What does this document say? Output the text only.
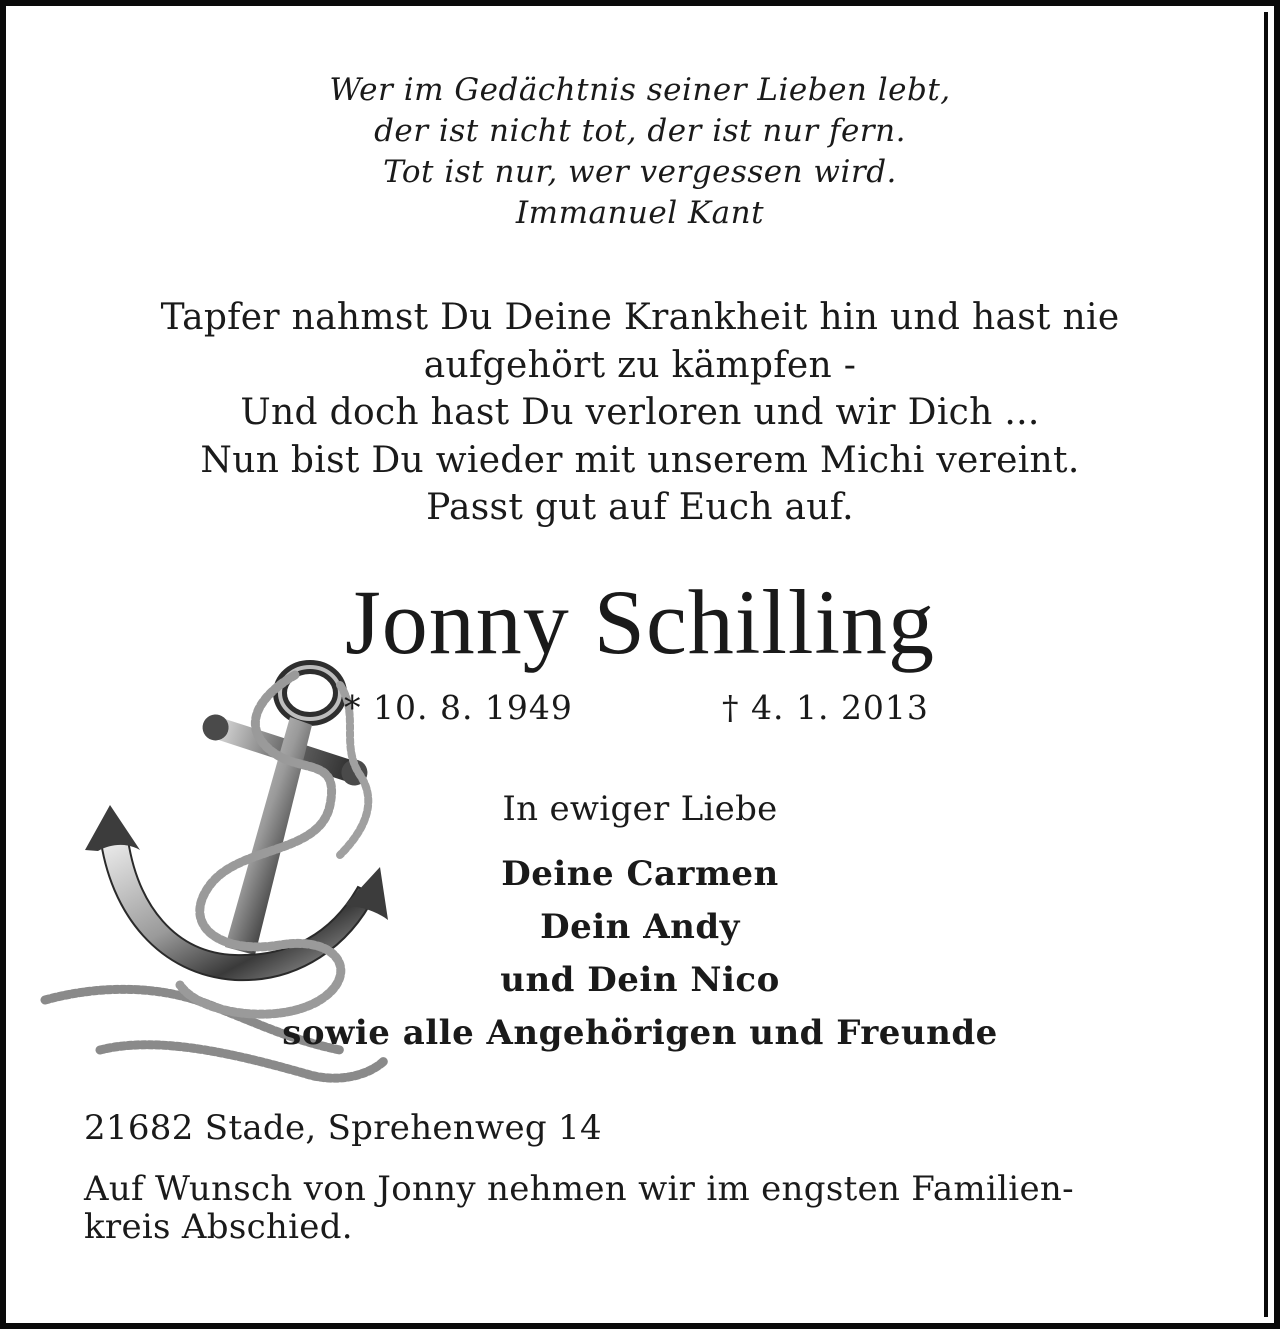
Wer im Gedächtnis seiner Lieben lebt,
der ist nicht tot, der ist nur fern.
Tot ist nur, wer vergessen wird.
Immanuel Kant
Tapfer nahmst Du Deine Krankheit hin und hast nie
aufgehört zu kämpfen -
Und doch hast Du verloren und wir Dich ...
Nun bist Du wieder mit unserem Michi vereint.
Passt gut auf Euch auf.
Jonny Schilling
* 10. 8. 1949	† 4. 1. 2013
In ewiger Liebe
Deine Carmen
Dein Andy
und Dein Nico
sowie alle Angehörigen und Freunde
21682 Stade, Sprehenweg 14
Auf Wunsch von Jonny nehmen wir im engsten Familien-
kreis Abschied.
